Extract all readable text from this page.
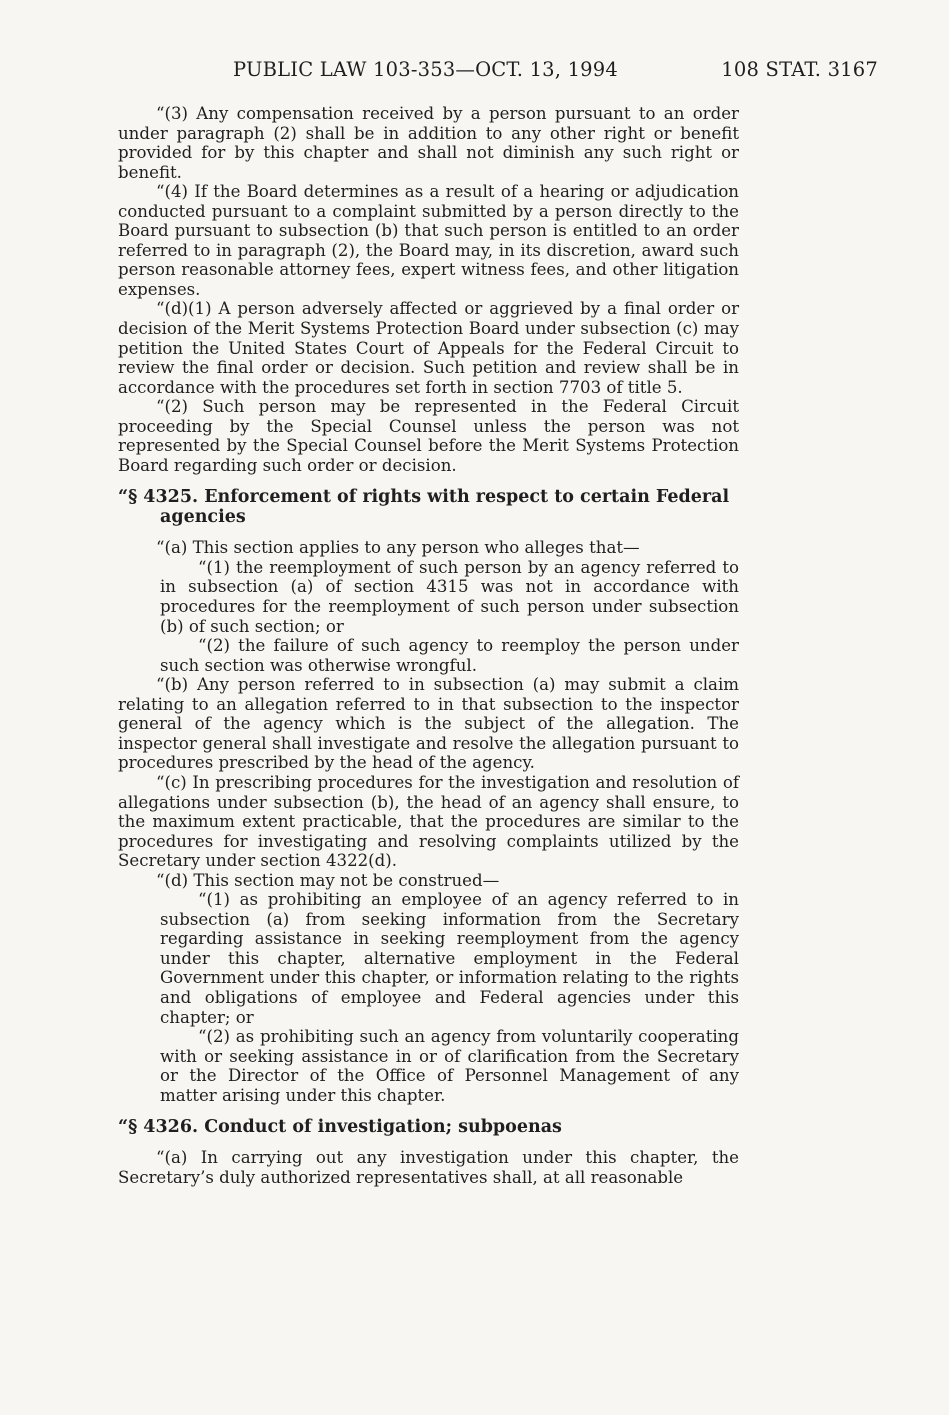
PUBLIC LAW 103-353—OCT. 13, 1994	108 STAT. 3167

“(3) Any compensation received by a person pursuant to an order under paragraph (2) shall be in addition to any other right or benefit provided for by this chapter and shall not diminish any such right or benefit.

“(4) If the Board determines as a result of a hearing or adjudication conducted pursuant to a complaint submitted by a person directly to the Board pursuant to subsection (b) that such person is entitled to an order referred to in paragraph (2), the Board may, in its discretion, award such person reasonable attorney fees, expert witness fees, and other litigation expenses.

“(d)(1) A person adversely affected or aggrieved by a final order or decision of the Merit Systems Protection Board under subsection (c) may petition the United States Court of Appeals for the Federal Circuit to review the final order or decision. Such petition and review shall be in accordance with the procedures set forth in section 7703 of title 5.

“(2) Such person may be represented in the Federal Circuit proceeding by the Special Counsel unless the person was not represented by the Special Counsel before the Merit Systems Protection Board regarding such order or decision.

“§ 4325. Enforcement of rights with respect to certain Federal agencies

“(a) This section applies to any person who alleges that—

“(1) the reemployment of such person by an agency referred to in subsection (a) of section 4315 was not in accordance with procedures for the reemployment of such person under subsection (b) of such section; or

“(2) the failure of such agency to reemploy the person under such section was otherwise wrongful.

“(b) Any person referred to in subsection (a) may submit a claim relating to an allegation referred to in that subsection to the inspector general of the agency which is the subject of the allegation. The inspector general shall investigate and resolve the allegation pursuant to procedures prescribed by the head of the agency.

“(c) In prescribing procedures for the investigation and resolution of allegations under subsection (b), the head of an agency shall ensure, to the maximum extent practicable, that the procedures are similar to the procedures for investigating and resolving complaints utilized by the Secretary under section 4322(d).

“(d) This section may not be construed—

“(1) as prohibiting an employee of an agency referred to in subsection (a) from seeking information from the Secretary regarding assistance in seeking reemployment from the agency under this chapter, alternative employment in the Federal Government under this chapter, or information relating to the rights and obligations of employee and Federal agencies under this chapter; or

“(2) as prohibiting such an agency from voluntarily cooperating with or seeking assistance in or of clarification from the Secretary or the Director of the Office of Personnel Management of any matter arising under this chapter.

“§ 4326. Conduct of investigation; subpoenas

“(a) In carrying out any investigation under this chapter, the Secretary’s duly authorized representatives shall, at all reasonable
